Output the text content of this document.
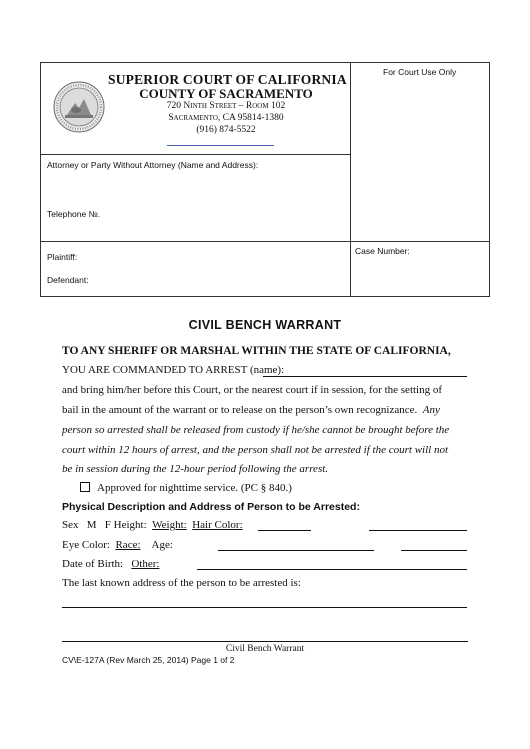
SUPERIOR COURT OF CALIFORNIA
COUNTY OF SACRAMENTO
720 Ninth Street – Room 102
Sacramento, CA 95814-1380
(916) 874-5522
For Court Use Only
Attorney or Party Without Attorney (Name and Address):
Telephone №.
Plaintiff:
Defendant:
Case Number:
CIVIL BENCH WARRANT
TO ANY SHERIFF OR MARSHAL WITHIN THE STATE OF CALIFORNIA,
YOU ARE COMMANDED TO ARREST (name):
and bring him/her before this Court, or the nearest court if in session, for the setting of
bail in the amount of the warrant or to release on the person’s own recognizance. Any
person so arrested shall be released from custody if he/she cannot be brought before the
court within 12 hours of arrest, and the person shall not be arrested if the court will not
be in session during the 12-hour period following the arrest.
Approved for nighttime service. (PC § 840.)
Physical Description and Address of Person to be Arrested:
Sex M F Height: Weight: Hair Color:
Eye Color: Race: Age:
Date of Birth: Other:
The last known address of the person to be arrested is:
Civil Bench Warrant
CV\E-127A (Rev March 25, 2014) Page 1 of 2
